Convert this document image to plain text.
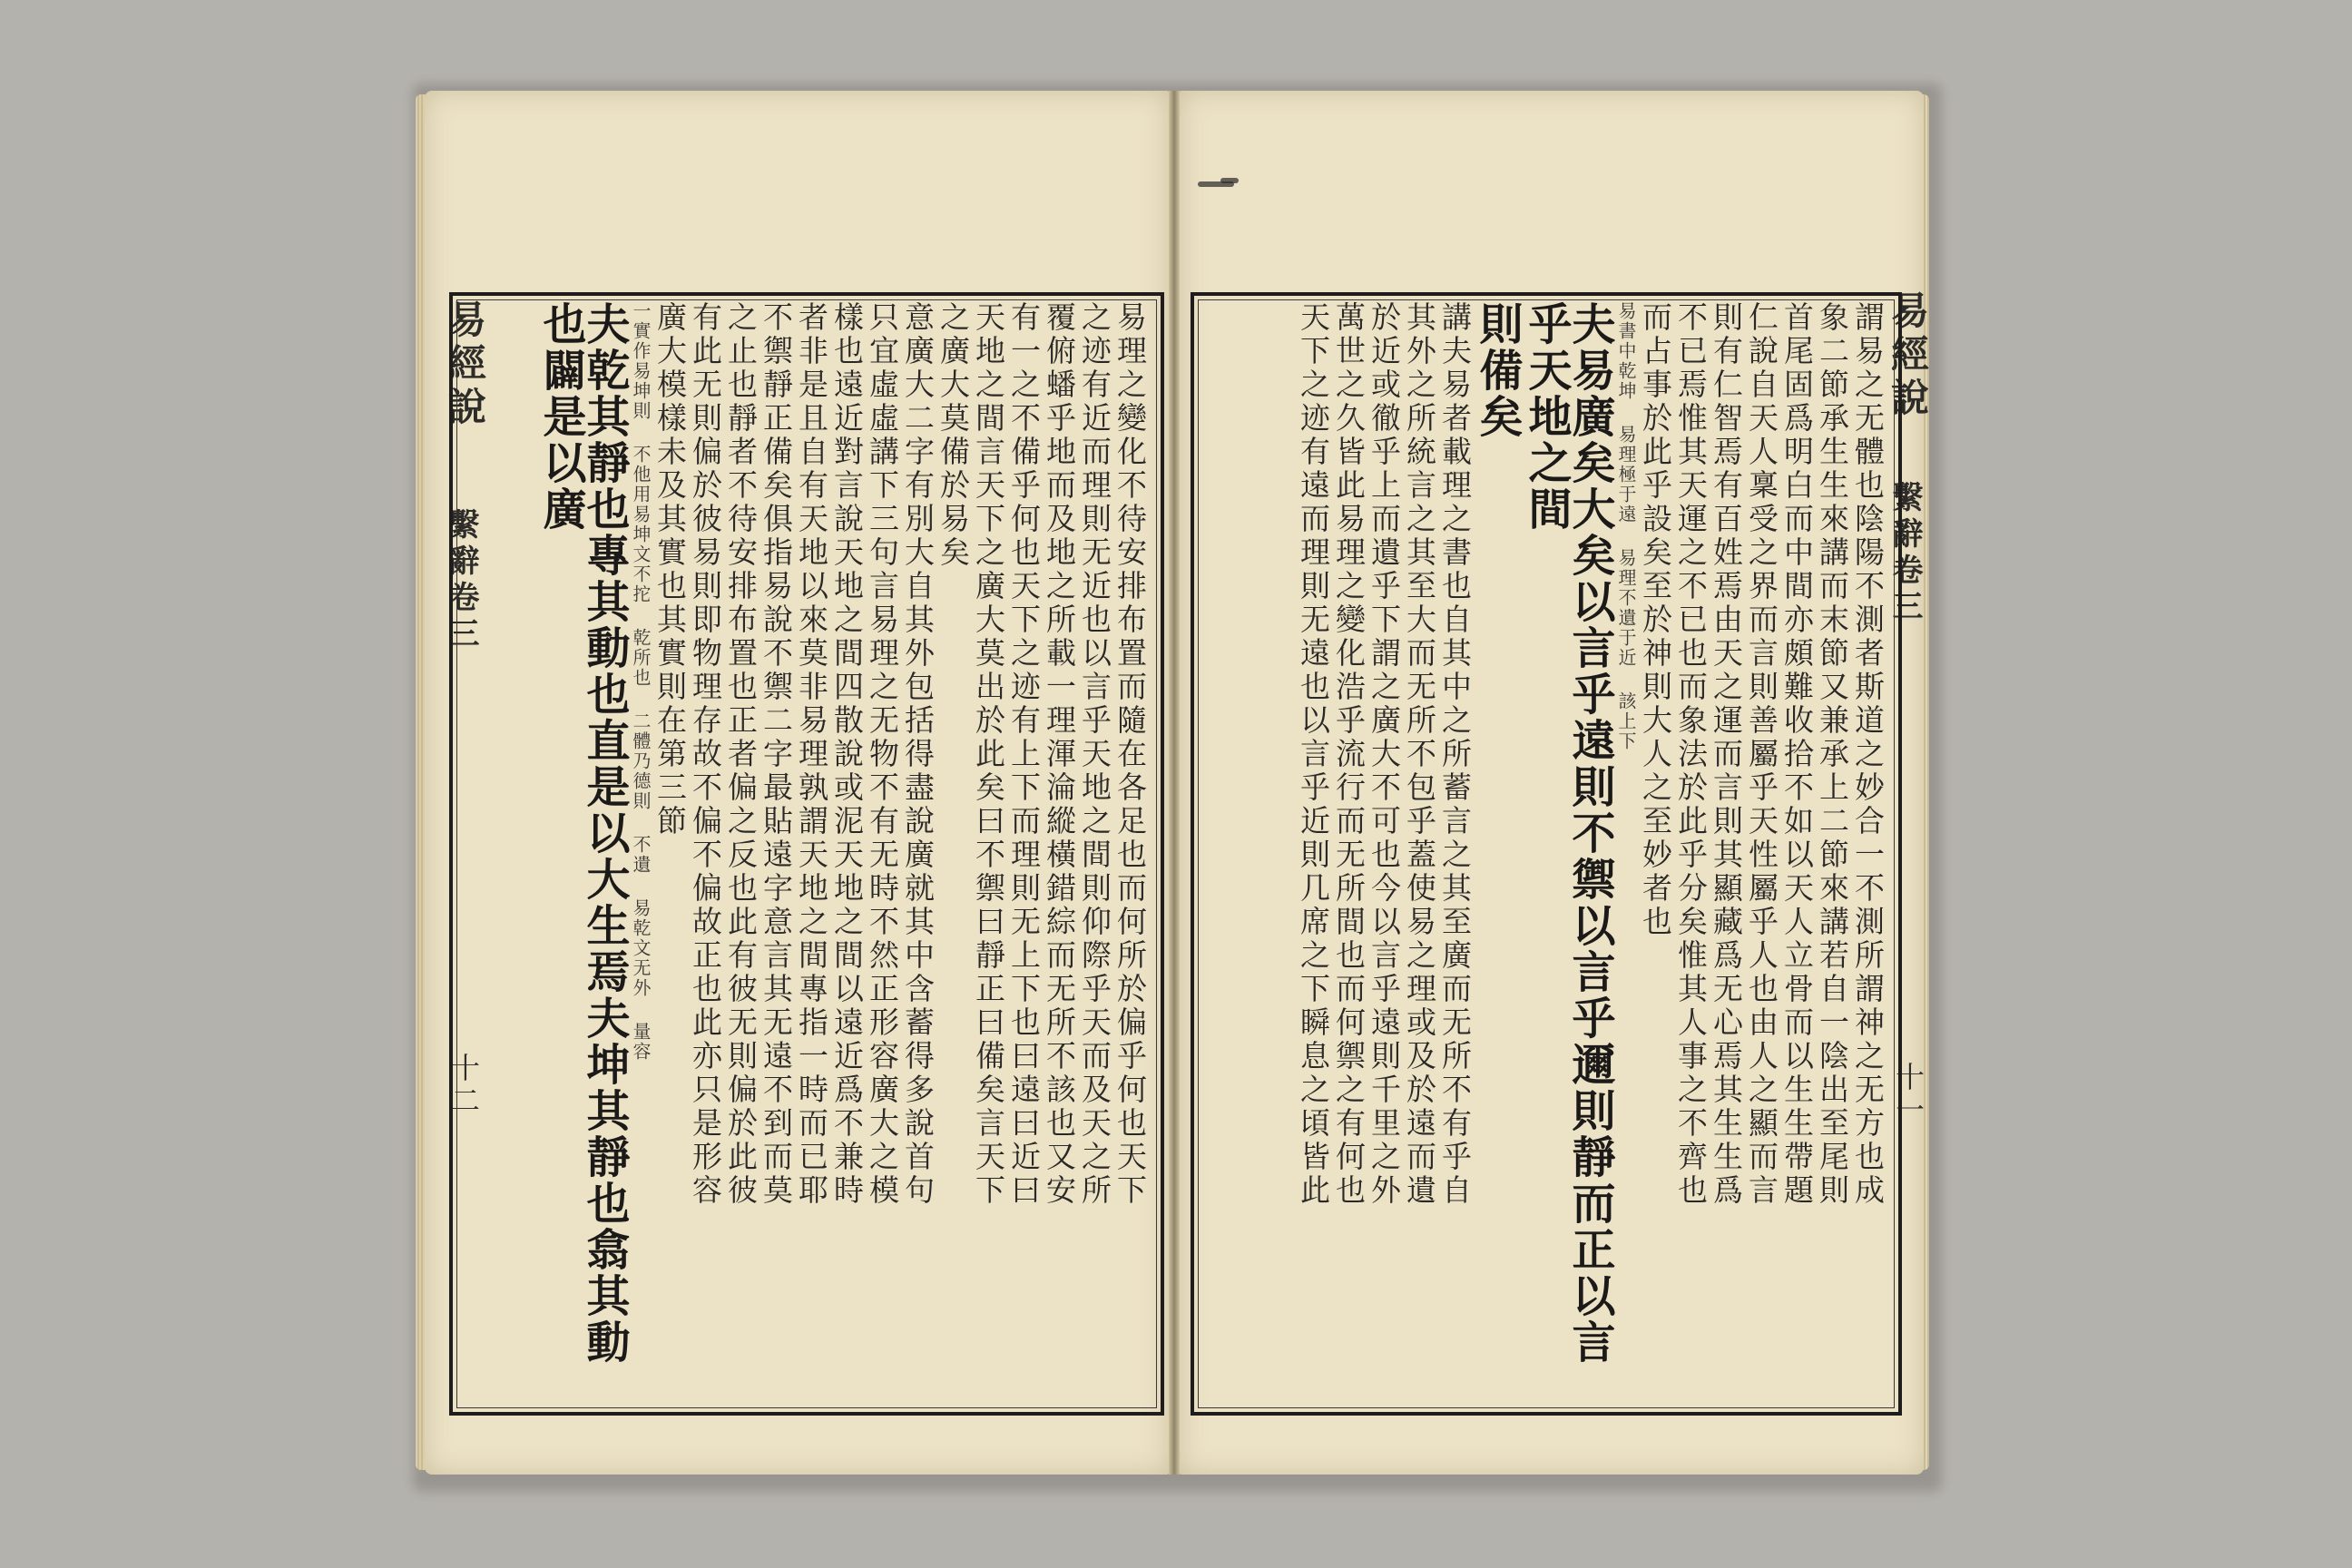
易經說
繫辭卷三
十二
易經說
繫辭卷三
十一
易理之變化不待安排布置而隨在各足也而何所於偏乎何也天下
之迹有近而理則无近也以言乎天地之間則仰際乎天而及天之所
覆俯蟠乎地而及地之所載一理渾淪縱橫錯綜而无所不該也又安
有一之不備乎何也天下之迹有上下而理則无上下也曰遠曰近曰
天地之間言天下之廣大莫出於此矣曰不禦曰靜正曰備矣言天下
之廣大莫備於易矣
意廣大二字有別大自其外包括得盡說廣就其中含蓄得多說首句
只宜虛虛講下三句言易理之无物不有无時不然正形容廣大之模
樣也遠近對言說天地之間四散說或泥天地之間以遠近爲不兼時
者非是且自有天地以來莫非易理孰謂天地之間專指一時而已耶
不禦靜正備矣俱指易說不禦二字最貼遠字意言其无遠不到而莫
之止也靜者不待安排布置也正者偏之反也此有彼无則偏於此彼
有此无則偏於彼易則即物理存故不偏不偏故正也此亦只是形容
廣大模樣未及其實也其實則在第三節
一實作易坤則 不他用易坤文不拕 乾所也 二體乃德則 不遺 易乾文无外 量容
夫乾其靜也專其動也直是以大生焉夫坤其靜也翕其動也闢是以廣	謂易之无體也陰陽不測者斯道之妙合一不測所謂神之无方也成
象二節承生生來講而末節又兼承上二節來講若自一陰出至尾則
首尾固爲明白而中間亦頗難收拾不如以天人立骨而以生生帶題
仁說自天人稟受之界而言則善屬乎天性屬乎人也由人之顯而言
則有仁智焉有百姓焉由天之運而言則其顯藏爲无心焉其生生爲
不已焉惟其天運之不已也而象法於此乎分矣惟其人事之不齊也
而占事於此乎設矣至於神則大人之至妙者也
易書中乾坤 易理極于遠 易理不遺于近 該上下
夫易廣矣大矣以言乎遠則不禦以言乎邇則靜而正以言乎天地之間
則備矣
講夫易者載理之書也自其中之所蓄言之其至廣而无所不有乎自
其外之所統言之其至大而无所不包乎蓋使易之理或及於遠而遺
於近或徹乎上而遺乎下謂之廣大不可也今以言乎遠則千里之外
萬世之久皆此易理之變化浩乎流行而无所間也而何禦之有何也
天下之迹有遠而理則无遠也以言乎近則几席之下瞬息之頃皆此
